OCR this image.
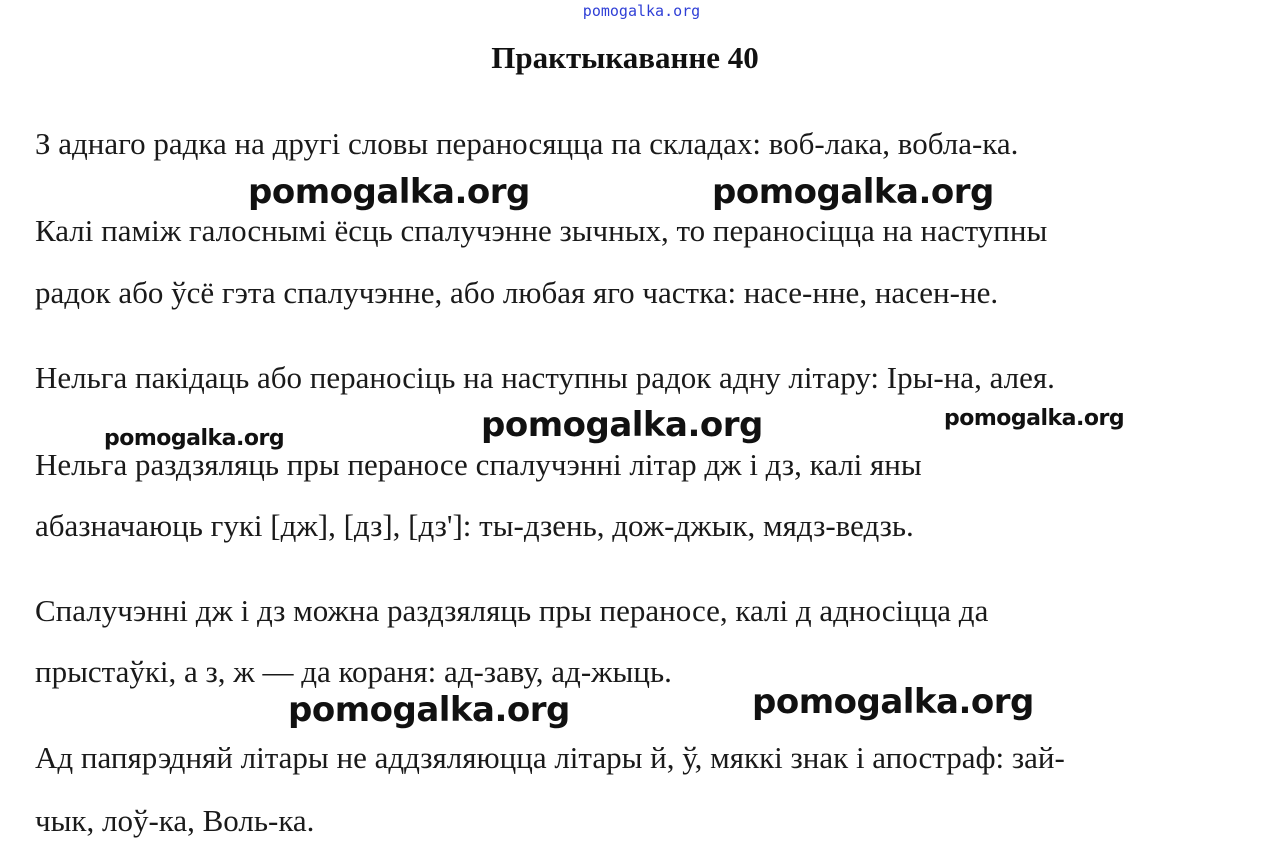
pomogalka.org
Практыкаванне 40
З аднаго радка на другі словы пераносяцца па складах: воб-лака, вобла-ка.
Калі паміж галоснымі ёсць спалучэнне зычных, то пераносіцца на наступны
радок або ўсё гэта спалучэнне, або любая яго частка: насе-нне, насен-не.
Нельга пакідаць або пераносіць на наступны радок адну літару: Іры-на, алея.
Нельга раздзяляць пры пераносе спалучэнні літар дж і дз, калі яны
абазначаюць гукі [дж], [дз], [дз']: ты-дзень, дож-джык, мядз-ведзь.
Спалучэнні дж і дз можна раздзяляць пры пераносе, калі д адносіцца да
прыстаўкі, а з, ж — да кораня: ад-заву, ад-жыць.
Ад папярэдняй літары не аддзяляюцца літары й, ў, мяккі знак і апостраф: зай-
чык, лоў-ка, Воль-ка.
pomogalka.org	pomogalka.org
pomogalka.org	pomogalka.org
pomogalka.org
pomogalka.org	pomogalka.org
